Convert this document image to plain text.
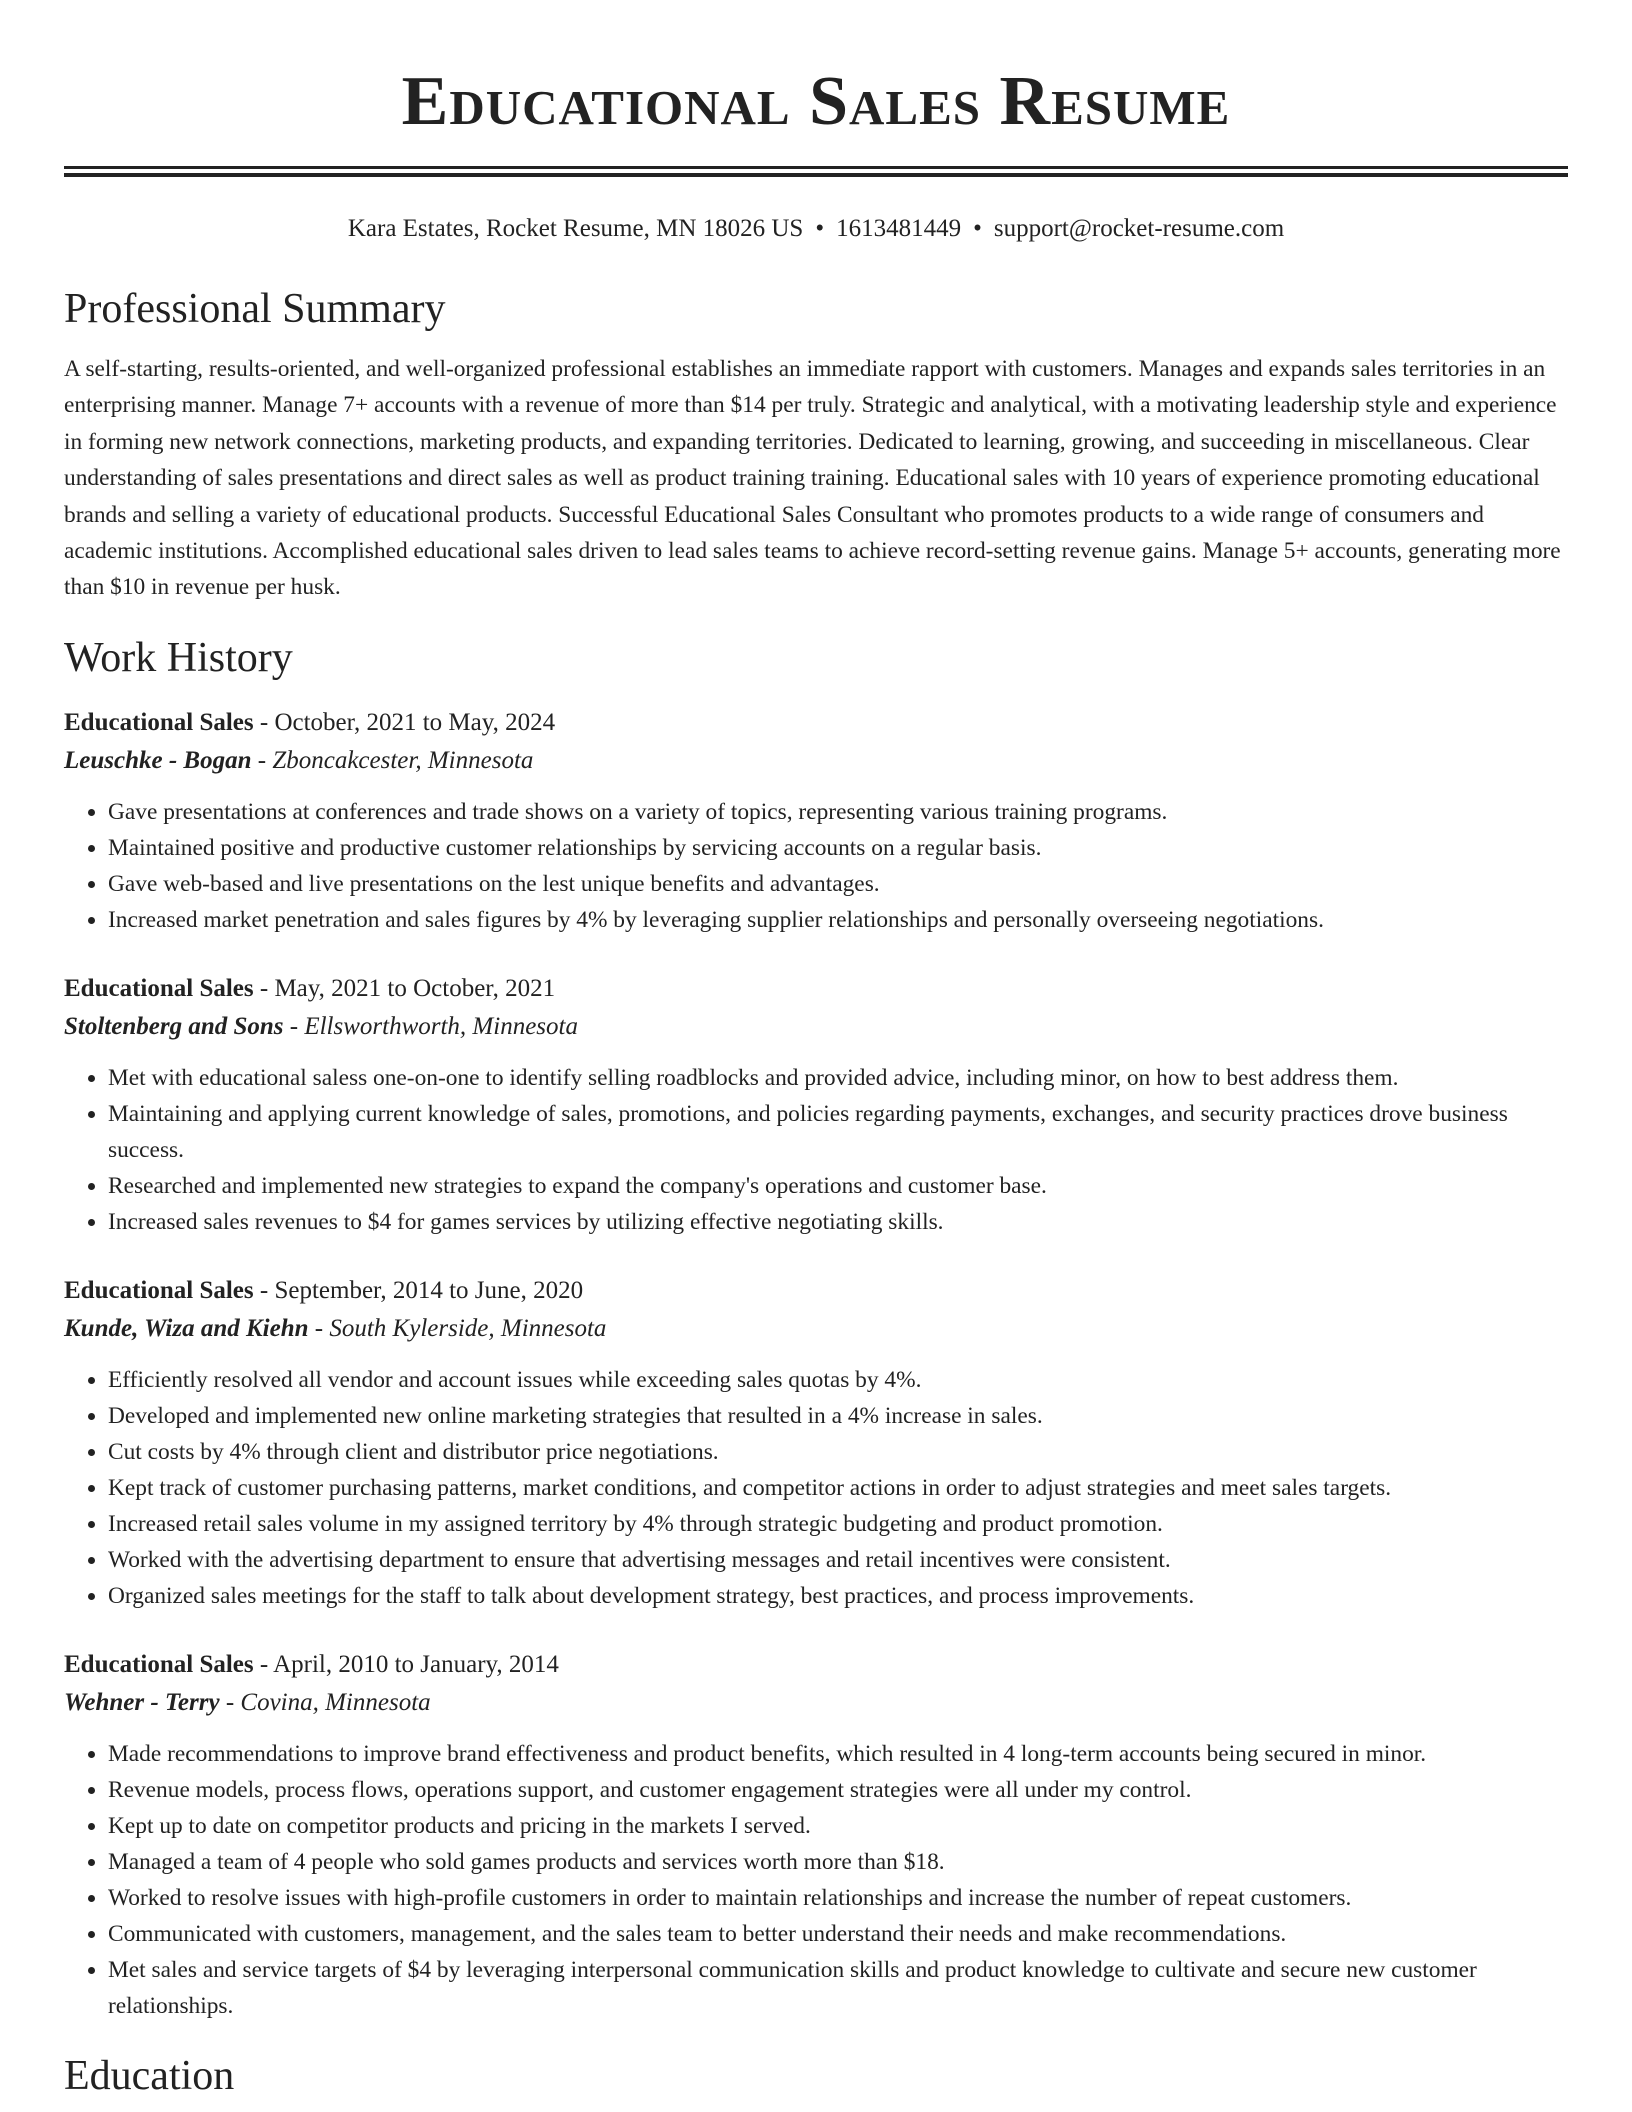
Educational Sales Resume
Kara Estates, Rocket Resume, MN 18026 US • 1613481449 • support@rocket-resume.com
Professional Summary

A self-starting, results-oriented, and well-organized professional establishes an immediate rapport with customers. Manages and expands sales territories in an enterprising manner. Manage 7+ accounts with a revenue of more than $14 per truly. Strategic and analytical, with a motivating leadership style and experience in forming new network connections, marketing products, and expanding territories. Dedicated to learning, growing, and succeeding in miscellaneous. Clear understanding of sales presentations and direct sales as well as product training training. Educational sales with 10 years of experience promoting educational brands and selling a variety of educational products. Successful Educational Sales Consultant who promotes products to a wide range of consumers and academic institutions. Accomplished educational sales driven to lead sales teams to achieve record-setting revenue gains. Manage 5+ accounts, generating more than $10 in revenue per husk.

Work History
Educational Sales - October, 2021 to May, 2024
Leuschke - Bogan - Zboncakcester, Minnesota
• Gave presentations at conferences and trade shows on a variety of topics, representing various training programs.
• Maintained positive and productive customer relationships by servicing accounts on a regular basis.
• Gave web-based and live presentations on the lest unique benefits and advantages.
• Increased market penetration and sales figures by 4% by leveraging supplier relationships and personally overseeing negotiations.
Educational Sales - May, 2021 to October, 2021
Stoltenberg and Sons - Ellsworthworth, Minnesota
• Met with educational saless one-on-one to identify selling roadblocks and provided advice, including minor, on how to best address them.
• Maintaining and applying current knowledge of sales, promotions, and policies regarding payments, exchanges, and security practices drove business success.
• Researched and implemented new strategies to expand the company's operations and customer base.
• Increased sales revenues to $4 for games services by utilizing effective negotiating skills.
Educational Sales - September, 2014 to June, 2020
Kunde, Wiza and Kiehn - South Kylerside, Minnesota
• Efficiently resolved all vendor and account issues while exceeding sales quotas by 4%.
• Developed and implemented new online marketing strategies that resulted in a 4% increase in sales.
• Cut costs by 4% through client and distributor price negotiations.
• Kept track of customer purchasing patterns, market conditions, and competitor actions in order to adjust strategies and meet sales targets.
• Increased retail sales volume in my assigned territory by 4% through strategic budgeting and product promotion.
• Worked with the advertising department to ensure that advertising messages and retail incentives were consistent.
• Organized sales meetings for the staff to talk about development strategy, best practices, and process improvements.
Educational Sales - April, 2010 to January, 2014
Wehner - Terry - Covina, Minnesota
• Made recommendations to improve brand effectiveness and product benefits, which resulted in 4 long-term accounts being secured in minor.
• Revenue models, process flows, operations support, and customer engagement strategies were all under my control.
• Kept up to date on competitor products and pricing in the markets I served.
• Managed a team of 4 people who sold games products and services worth more than $18.
• Worked to resolve issues with high-profile customers in order to maintain relationships and increase the number of repeat customers.
• Communicated with customers, management, and the sales team to better understand their needs and make recommendations.
• Met sales and service targets of $4 by leveraging interpersonal communication skills and product knowledge to cultivate and secure new customer relationships.
Education
